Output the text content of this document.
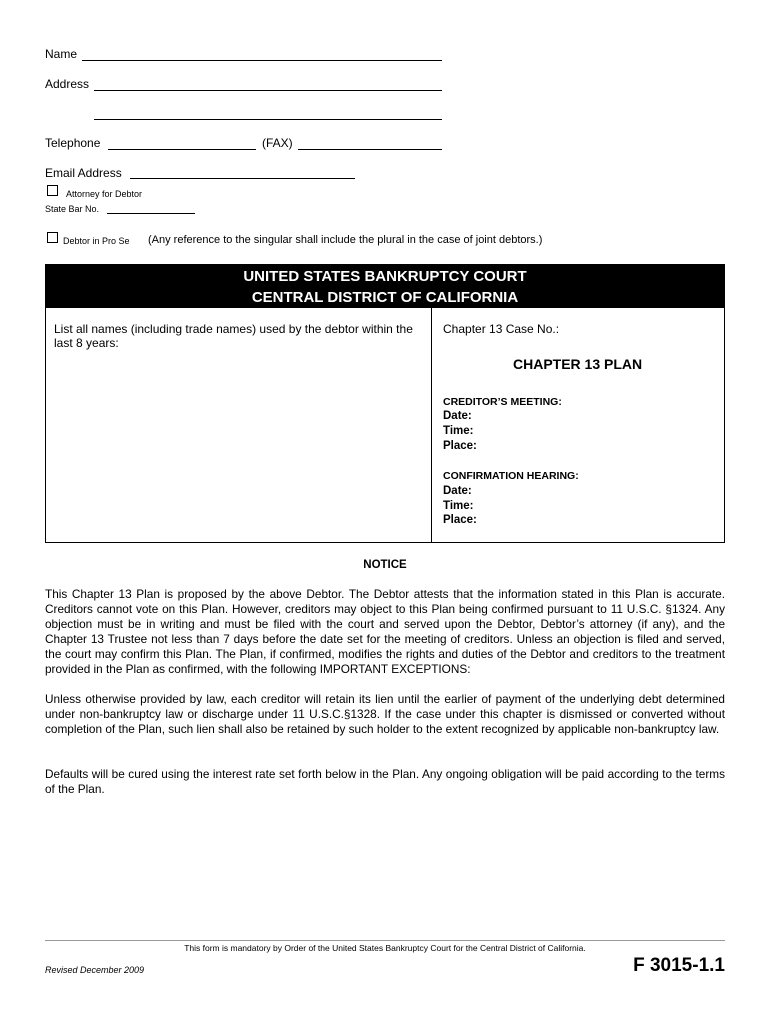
Name
Address
Telephone	(FAX)
Email Address
Attorney for Debtor
State Bar No.
Debtor in Pro Se (Any reference to the singular shall include the plural in the case of joint debtors.)
UNITED STATES BANKRUPTCY COURT
CENTRAL DISTRICT OF CALIFORNIA
List all names (including trade names) used by the debtor within the last 8 years:
Chapter 13 Case No.:
CHAPTER 13 PLAN
CREDITOR’S MEETING:
Date:
Time:
Place:
CONFIRMATION HEARING:
Date:
Time:
Place:
NOTICE
This Chapter 13 Plan is proposed by the above Debtor. The Debtor attests that the information stated in this Plan is accurate. Creditors cannot vote on this Plan. However, creditors may object to this Plan being confirmed pursuant to 11 U.S.C. §1324. Any objection must be in writing and must be filed with the court and served upon the Debtor, Debtor’s attorney (if any), and the Chapter 13 Trustee not less than 7 days before the date set for the meeting of creditors. Unless an objection is filed and served, the court may confirm this Plan. The Plan, if confirmed, modifies the rights and duties of the Debtor and creditors to the treatment provided in the Plan as confirmed, with the following IMPORTANT EXCEPTIONS:
Unless otherwise provided by law, each creditor will retain its lien until the earlier of payment of the underlying debt determined under non-bankruptcy law or discharge under 11 U.S.C.§1328. If the case under this chapter is dismissed or converted without completion of the Plan, such lien shall also be retained by such holder to the extent recognized by applicable non-bankruptcy law.
Defaults will be cured using the interest rate set forth below in the Plan. Any ongoing obligation will be paid according to the terms of the Plan.
This form is mandatory by Order of the United States Bankruptcy Court for the Central District of California.
Revised December 2009	F 3015-1.1
